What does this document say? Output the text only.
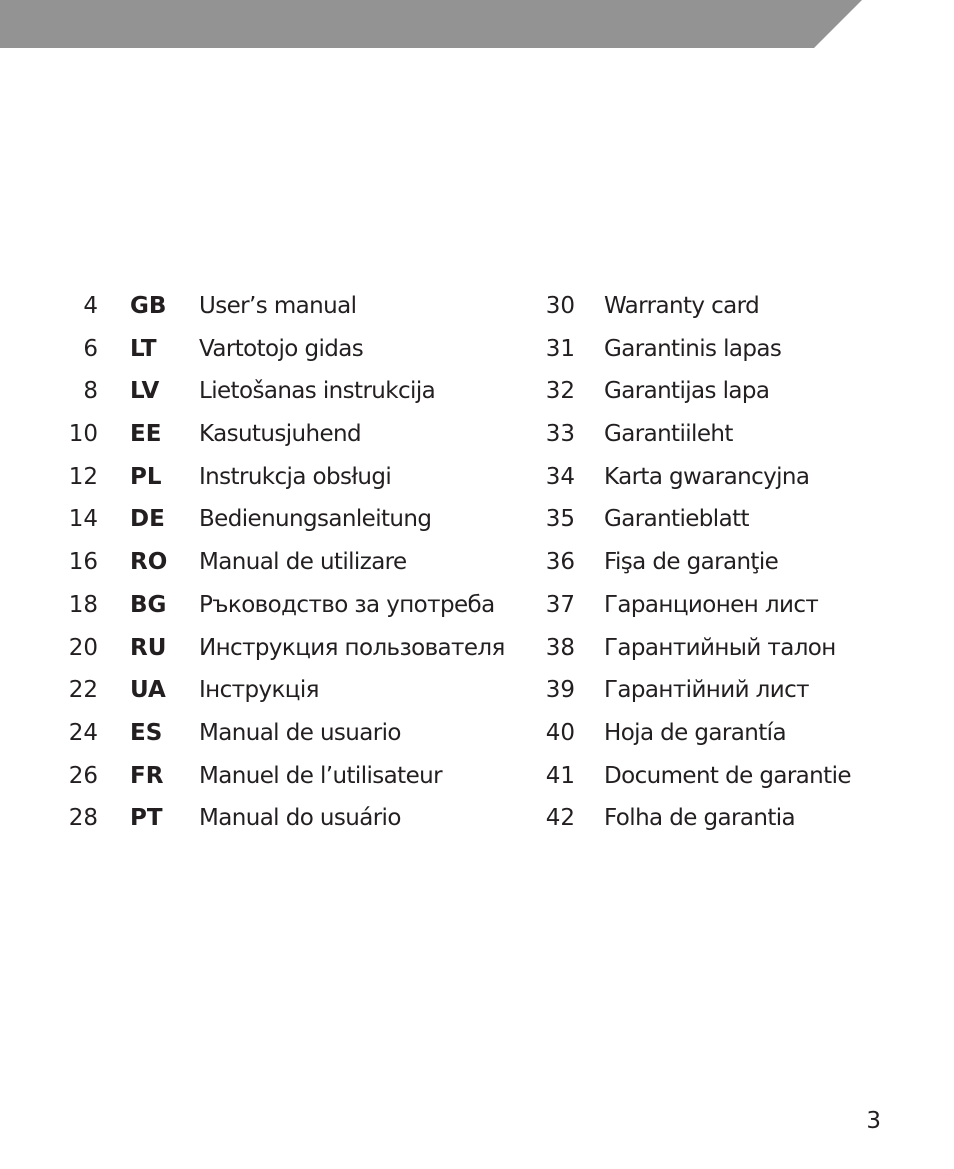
4 GB User’s manual
6 LT Vartotojo gidas
8 LV Lietošanas instrukcija
10 EE Kasutusjuhend
12 PL Instrukcja obsługi
14 DE Bedienungsanleitung
16 RO Manual de utilizare
18 BG Ръководство за употреба
20 RU Инструкция пользователя
22 UA Інструкція
24 ES Manual de usuario
26 FR Manuel de l’utilisateur
28 PT Manual do usuário
30 Warranty card
31 Garantinis lapas
32 Garantijas lapa
33 Garantiileht
34 Karta gwarancyjna
35 Garantieblatt
36 Fişa de garanţie
37 Гаранционен лист
38 Гарантийный талон
39 Гарантійний лист
40 Hoja de garantía
41 Document de garantie
42 Folha de garantia
3
